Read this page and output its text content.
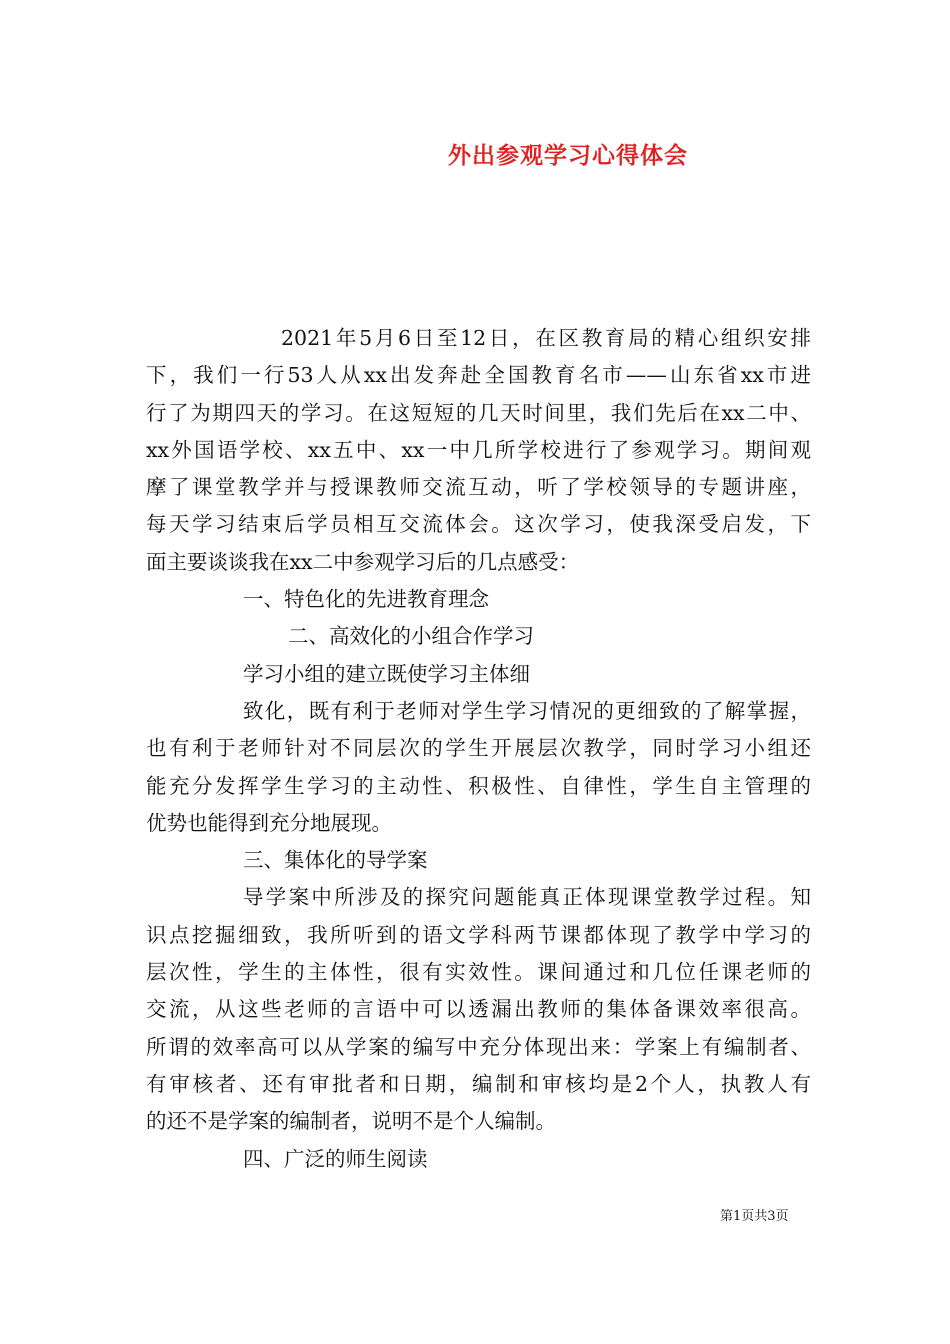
外出参观学习心得体会
2021年5月6日至12日，在区教育局的精心组织安排
下，我们一行53人从xx出发奔赴全国教育名市——山东省xx市进
行了为期四天的学习。在这短短的几天时间里，我们先后在xx二中、
xx外国语学校、xx五中、xx一中几所学校进行了参观学习。期间观
摩了课堂教学并与授课教师交流互动，听了学校领导的专题讲座，
每天学习结束后学员相互交流体会。这次学习，使我深受启发，下
面主要谈谈我在xx二中参观学习后的几点感受：
一、特色化的先进教育理念
二、高效化的小组合作学习
学习小组的建立既使学习主体细
致化，既有利于老师对学生学习情况的更细致的了解掌握，
也有利于老师针对不同层次的学生开展层次教学，同时学习小组还
能充分发挥学生学习的主动性、积极性、自律性，学生自主管理的
优势也能得到充分地展现。
三、集体化的导学案
导学案中所涉及的探究问题能真正体现课堂教学过程。知
识点挖掘细致，我所听到的语文学科两节课都体现了教学中学习的
层次性，学生的主体性，很有实效性。课间通过和几位任课老师的
交流，从这些老师的言语中可以透漏出教师的集体备课效率很高。
所谓的效率高可以从学案的编写中充分体现出来：学案上有编制者、
有审核者、还有审批者和日期，编制和审核均是2个人，执教人有
的还不是学案的编制者，说明不是个人编制。
四、广泛的师生阅读
第1页共3页
